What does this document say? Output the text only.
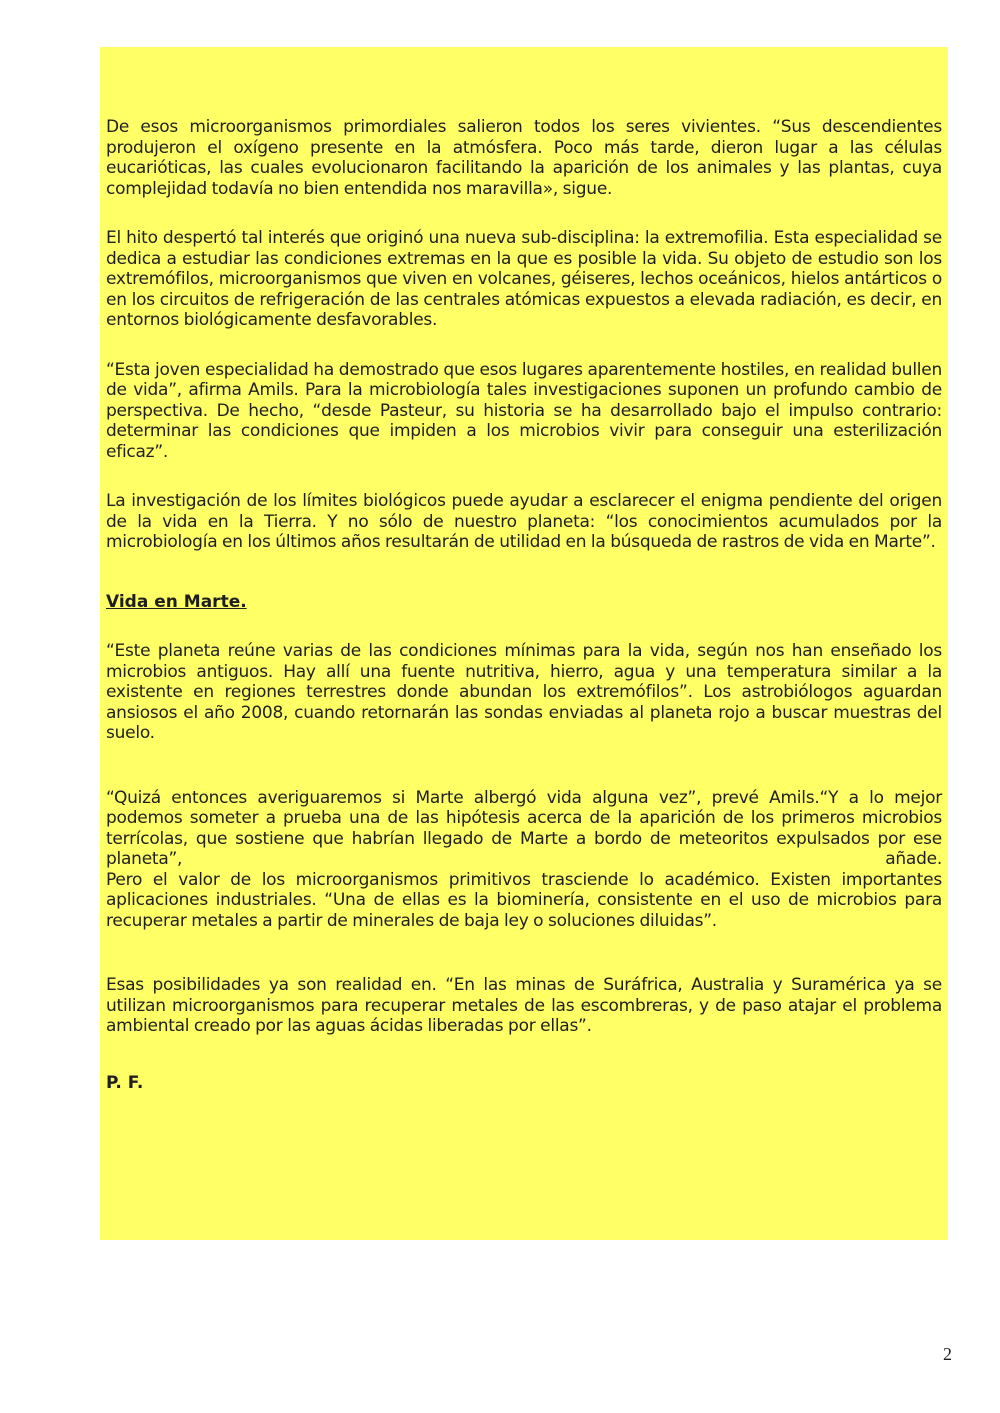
De esos microorganismos primordiales salieron todos los seres vivientes. “Sus descendientes produjeron el oxígeno presente en la atmósfera. Poco más tarde, dieron lugar a las células eucarióticas, las cuales evolucionaron facilitando la aparición de los animales y las plantas, cuya complejidad todavía no bien entendida nos maravilla», sigue.

El hito despertó tal interés que originó una nueva sub-disciplina: la extremofilia. Esta especialidad se dedica a estudiar las condiciones extremas en la que es posible la vida. Su objeto de estudio son los extremófilos, microorganismos que viven en volcanes, géiseres, lechos oceánicos, hielos antárticos o en los circuitos de refrigeración de las centrales atómicas expuestos a elevada radiación, es decir, en entornos biológicamente desfavorables.

“Esta joven especialidad ha demostrado que esos lugares aparentemente hostiles, en realidad bullen de vida”, afirma Amils. Para la microbiología tales investigaciones suponen un profundo cambio de perspectiva. De hecho, “desde Pasteur, su historia se ha desarrollado bajo el impulso contrario: determinar las condiciones que impiden a los microbios vivir para conseguir una esterilización eficaz”.

La investigación de los límites biológicos puede ayudar a esclarecer el enigma pendiente del origen de la vida en la Tierra. Y no sólo de nuestro planeta: “los conocimientos acumulados por la microbiología en los últimos años resultarán de utilidad en la búsqueda de rastros de vida en Marte”.

Vida en Marte.

“Este planeta reúne varias de las condiciones mínimas para la vida, según nos han enseñado los microbios antiguos. Hay allí una fuente nutritiva, hierro, agua y una temperatura similar a la existente en regiones terrestres donde abundan los extremófilos”. Los astrobiólogos aguardan ansiosos el año 2008, cuando retornarán las sondas enviadas al planeta rojo a buscar muestras del suelo.

“Quizá entonces averiguaremos si Marte albergó vida alguna vez”, prevé Amils.“Y a lo mejor podemos someter a prueba una de las hipótesis acerca de la aparición de los primeros microbios terrícolas, que sostiene que habrían llegado de Marte a bordo de meteoritos expulsados por ese planeta”, añade.

Pero el valor de los microorganismos primitivos trasciende lo académico. Existen importantes aplicaciones industriales. “Una de ellas es la biominería, consistente en el uso de microbios para recuperar metales a partir de minerales de baja ley o soluciones diluidas”.

Esas posibilidades ya son realidad en. “En las minas de Suráfrica, Australia y Suramérica ya se utilizan microorganismos para recuperar metales de las escombreras, y de paso atajar el problema ambiental creado por las aguas ácidas liberadas por ellas”.

P. F.

2
